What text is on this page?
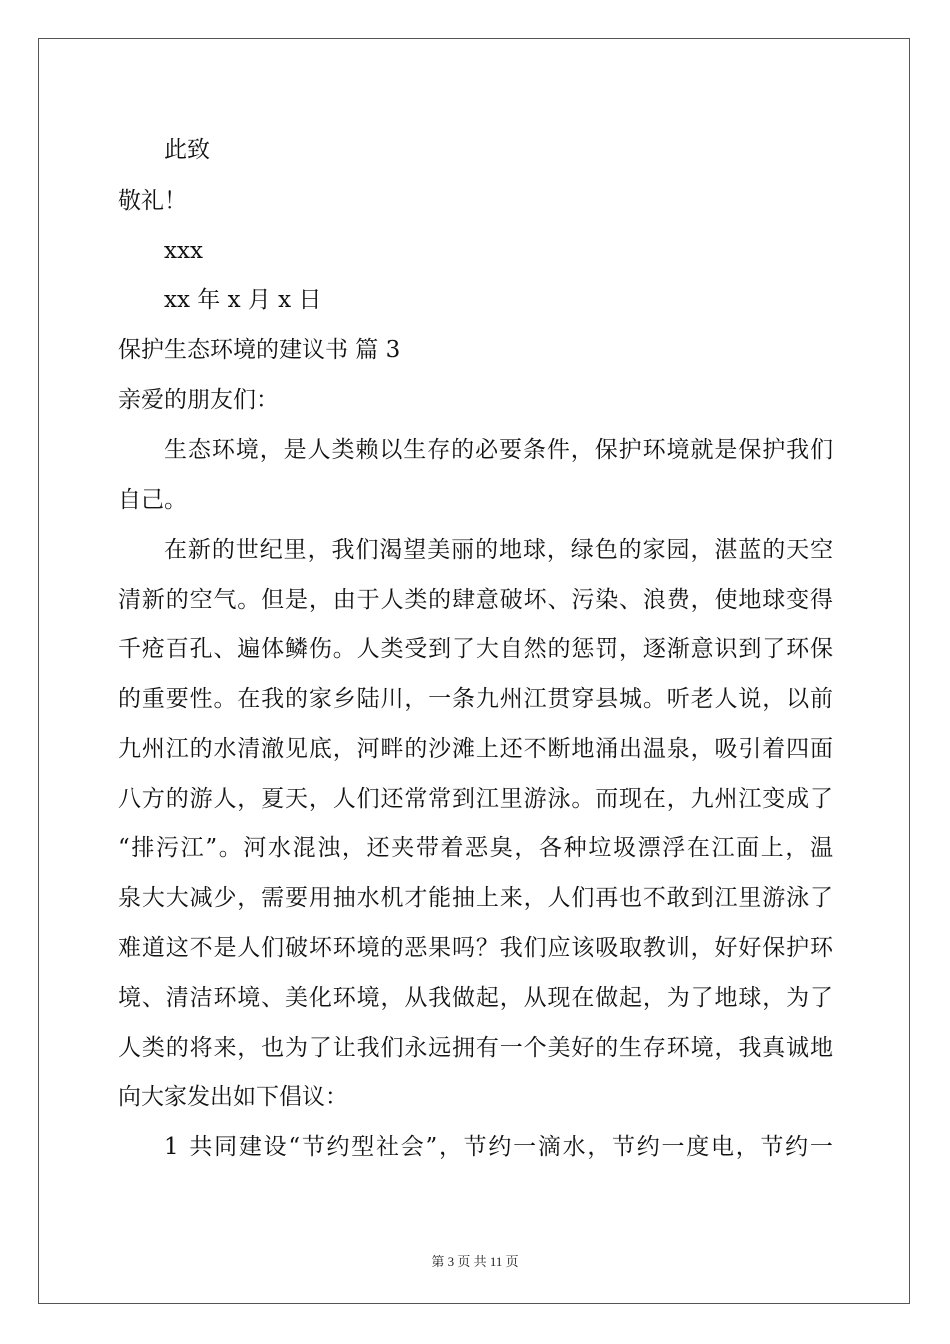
此致
敬礼！
xxx
xx 年 x 月 x 日
保护生态环境的建议书 篇 3
亲爱的朋友们：
生态环境，是人类赖以生存的必要条件，保护环境就是保护我们
自己。
在新的世纪里，我们渴望美丽的地球，绿色的家园，湛蓝的天空
清新的空气。但是，由于人类的肆意破坏、污染、浪费，使地球变得
千疮百孔、遍体鳞伤。人类受到了大自然的惩罚，逐渐意识到了环保
的重要性。在我的家乡陆川，一条九州江贯穿县城。听老人说，以前
九州江的水清澈见底，河畔的沙滩上还不断地涌出温泉，吸引着四面
八方的游人，夏天，人们还常常到江里游泳。而现在，九州江变成了
“排污江”。河水混浊，还夹带着恶臭，各种垃圾漂浮在江面上，温
泉大大减少，需要用抽水机才能抽上来，人们再也不敢到江里游泳了
难道这不是人们破坏环境的恶果吗？我们应该吸取教训，好好保护环
境、清洁环境、美化环境，从我做起，从现在做起，为了地球，为了
人类的将来，也为了让我们永远拥有一个美好的生存环境，我真诚地
向大家发出如下倡议：
1 共同建设“节约型社会”，节约一滴水，节约一度电，节约一
第 3 页 共 11 页
